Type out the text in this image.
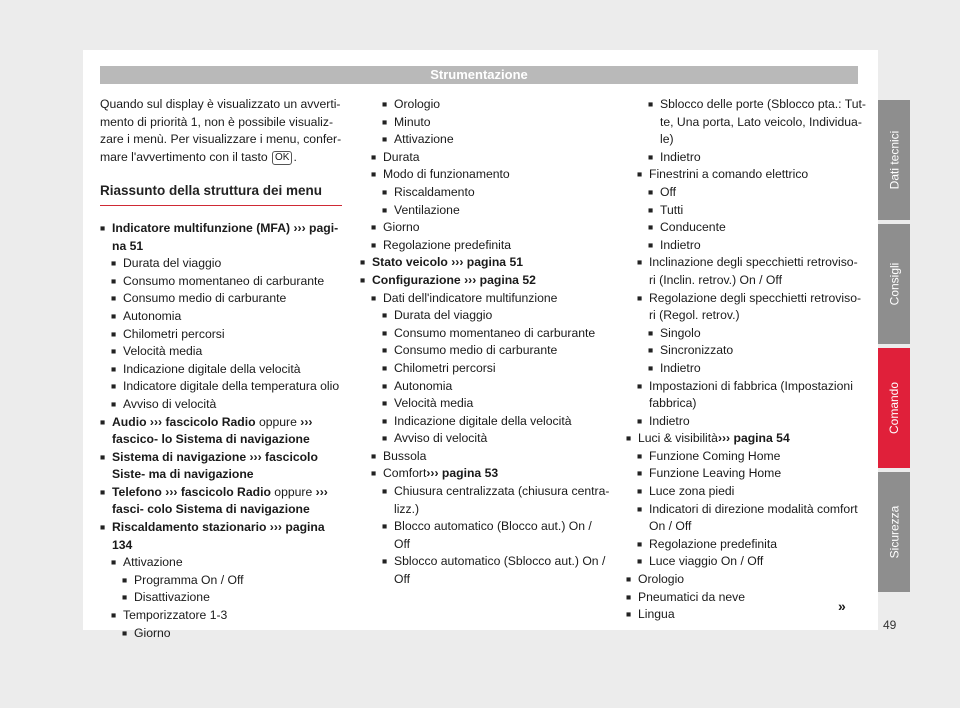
Strumentazione

Quando sul display è visualizzato un avverti- mento di priorità 1, non è possibile visualiz- zare i menù. Per visualizzare i menu, confer- mare l'avvertimento con il tasto OK .

Riassunto della struttura dei menu
■ Indicatore multifunzione (MFA) ››› pagi- na 51
■ Durata del viaggio
■ Consumo momentaneo di carburante
■ Consumo medio di carburante
■ Autonomia
■ Chilometri percorsi
■ Velocità media
■ Indicazione digitale della velocità
■ Indicatore digitale della temperatura olio
■ Avviso di velocità
■ Audio ››› fascicolo Radio oppure ››› fascico- lo Sistema di navigazione
■ Sistema di navigazione ››› fascicolo Siste- ma di navigazione
■ Telefono ››› fascicolo Radio oppure ››› fasci- colo Sistema di navigazione
■ Riscaldamento stazionario ››› pagina 134
■ Attivazione
■ Programma On / Off
■ Disattivazione
■ Temporizzatore 1-3
■ Giorno
■ Orologio
■ Minuto
■ Attivazione
■ Durata
■ Modo di funzionamento
■ Riscaldamento
■ Ventilazione
■ Giorno
■ Regolazione predefinita
■ Stato veicolo ››› pagina 51
■ Configurazione ››› pagina 52
■ Dati dell'indicatore multifunzione
■ Durata del viaggio
■ Consumo momentaneo di carburante
■ Consumo medio di carburante
■ Chilometri percorsi
■ Autonomia
■ Velocità media
■ Indicazione digitale della velocità
■ Avviso di velocità
■ Bussola
■ Comfort››› pagina 53
■ Chiusura centralizzata (chiusura centra- lizz.)
■ Blocco automatico (Blocco aut.) On / Off
■ Sblocco automatico (Sblocco aut.) On / Off
■ Sblocco delle porte (Sblocco pta.: Tut- te, Una porta, Lato veicolo, Individua- le)
■ Indietro
■ Finestrini a comando elettrico
■ Off
■ Tutti
■ Conducente
■ Indietro
■ Inclinazione degli specchietti retroviso- ri (Inclin. retrov.) On / Off
■ Regolazione degli specchietti retroviso- ri (Regol. retrov.)
■ Singolo
■ Sincronizzato
■ Indietro
■ Impostazioni di fabbrica (Impostazioni fabbrica)
■ Indietro
■ Luci & visibilità››› pagina 54
■ Funzione Coming Home
■ Funzione Leaving Home
■ Luce zona piedi
■ Indicatori di direzione modalità comfort On / Off
■ Regolazione predefinita
■ Luce viaggio On / Off
■ Orologio
■ Pneumatici da neve
■ Lingua
»
Dati tecnici
Consigli
Comando
Sicurezza
49
